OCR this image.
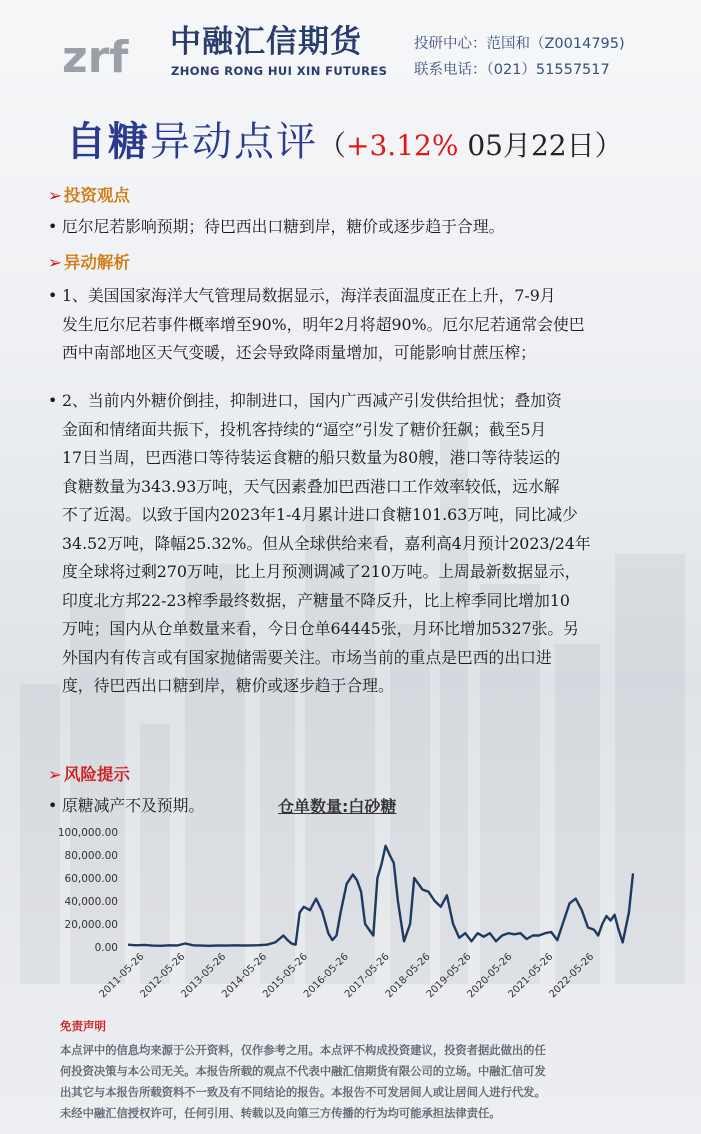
zrf 中融汇信期货
ZHONG RONG HUI XIN FUTURES
投研中心：范国和（Z0014795)
联系电话：（021）51557517
自糖异动点评（+3.12% 05月22日）
➢ 投资观点
• 厄尔尼若影响预期；待巴西出口糖到岸，糖价或逐步趋于合理。
➢ 异动解析
• 1、美国国家海洋大气管理局数据显示，海洋表面温度正在上升，7-9月
发生厄尔尼若事件概率增至90%，明年2月将超90%。厄尔尼若通常会使巴
西中南部地区天气变暖，还会导致降雨量增加，可能影响甘蔗压榨；
• 2、当前内外糖价倒挂，抑制进口，国内广西减产引发供给担忧；叠加资
金面和情绪面共振下，投机客持续的“逼空”引发了糖价狂飙；截至5月
17日当周，巴西港口等待装运食糖的船只数量为80艘，港口等待装运的
食糖数量为343.93万吨，天气因素叠加巴西港口工作效率较低，远水解
不了近渴。以致于国内2023年1-4月累计进口食糖101.63万吨，同比减少
34.52万吨，降幅25.32%。但从全球供给来看，嘉利高4月预计2023/24年
度全球将过剩270万吨，比上月预测调减了210万吨。上周最新数据显示，
印度北方邦22-23榨季最终数据，产糖量不降反升，比上榨季同比增加10
万吨；国内从仓单数量来看，今日仓单64445张，月环比增加5327张。另
外国内有传言或有国家抛储需要关注。市场当前的重点是巴西的出口进
度，待巴西出口糖到岸，糖价或逐步趋于合理。
➢ 风险提示
• 原糖减产不及预期。	仓单数量:白砂糖
100,000.00
80,000.00
60,000.00
40,000.00
20,000.00
0.00
2011-05-26
2012-05-26
2013-05-26
2014-05-26
2015-05-26
2016-05-26
2017-05-26
2018-05-26
2019-05-26
2020-05-26
2021-05-26
2022-05-26
免责声明
本点评中的信息均来源于公开资料，仅作参考之用。本点评不构成投资建议，投资者据此做出的任
何投资决策与本公司无关。本报告所载的观点不代表中融汇信期货有限公司的立场。中融汇信可发
出其它与本报告所载资料不一致及有不同结论的报告。本报告不可发居间人或让居间人进行代发。
未经中融汇信授权许可，任何引用、转载以及向第三方传播的行为均可能承担法律责任。
